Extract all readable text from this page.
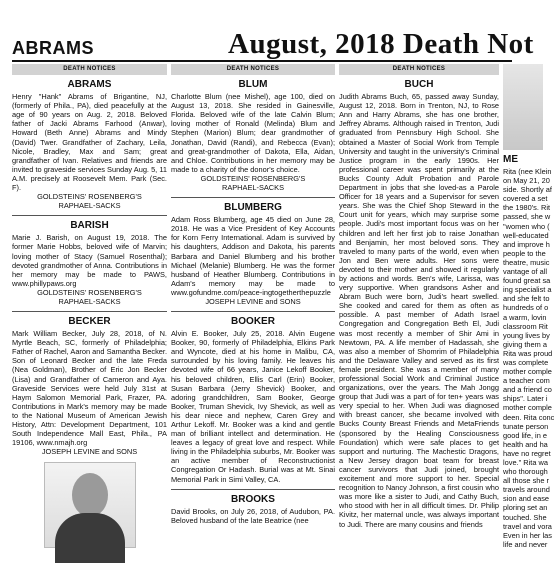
ABRAMS	August, 2018 Death Not
DEATH NOTICES
ABRAMS

Henry "Hank" Abrams of Brigantine, NJ, (formerly of Phila., PA), died peacefully at the age of 90 years on Aug. 2, 2018. Beloved father of Jacki Abrams Farhood (Anwar), Howard (Beth Anne) Abrams and Mindy (David) Twer. Grandfather of Zachary, Leila, Nicole, Bradley, Max and Sam; great grandfather of Ivan. Relatives and friends are invited to graveside services Sunday Aug. 5, 11 A.M. precisely at Roosevelt Mem. Park (Sec. F).

GOLDSTEINS' ROSENBERG'S

RAPHAEL-SACKS

BARISH

Marie J. Barish, on August 19, 2018. The former Marie Hobbs, beloved wife of Marvin; loving mother of Stacy (Samuel Rosenthal); devoted grandmother of Anna. Contributions in her memory may be made to PAWS, www.phillypaws.org

GOLDSTEINS' ROSENBERG'S

RAPHAEL-SACKS

BECKER

Mark William Becker, July 28, 2018, of N. Myrtle Beach, SC, formerly of Philadelphia; Father of Rachel, Aaron and Samantha Becker. Son of Leonard Becker and the late Freda (Nea Goldman), Brother of Eric Jon Becker (Lisa) and Grandfather of Cameron and Aya. Graveside Services were held July 31st at Haym Salomon Memorial Park, Frazer, PA. Contributions in Mark's memory may be made to the National Museum of American Jewish History, Attn: Development Department, 101 South Independence Mall East, Phila., PA 19106, www.nmajh.org

JOSEPH LEVINE and SONS

DEATH NOTICES
BLUM

Charlotte Blum (nee Mishel), age 100, died on August 13, 2018. She resided in Gainesville, Florida. Beloved wife of the late Calvin Blum; loving mother of Ronald (Melinda) Blum and Stephen (Marion) Blum; dear grandmother of Jonathan, David (Randi), and Rebecca (Evan); and great-grandmother of Dakota, Ella, Aidan, and Chloe. Contributions in her memory may be made to a charity of the donor's choice.

GOLDSTEINS' ROSENBERG'S

RAPHAEL-SACKS

BLUMBERG

Adam Ross Blumberg, age 45 died on June 28, 2018. He was a Vice President of Key Accounts for Korn Ferry International. Adam is survived by his daughters, Addison and Dakota, his parents Barbara and Daniel Blumberg and his brother Michael (Melanie) Blumberg. He was the former husband of Heather Blumberg. Contributions in Adam's memory may be made to www.gofundme.com/peace-ingtogetherthepuzzle

JOSEPH LEVINE and SONS

BOOKER

Alvin E. Booker, July 25, 2018. Alvin Eugene Booker, 90, formerly of Philadelphia, Elkins Park and Wyncote, died at his home in Malibu, CA, surrounded by his loving family. He leaves his devoted wife of 66 years, Janice Lekoff Booker, his beloved children, Ellis Carl (Erin) Booker, Susan Barbara (Jerry Shevick) Booker, and adoring grandchildren, Sam Booker, George Booker, Truman Shevick, Ivy Shevick, as well as his dear niece and nephew, Caren Grey and Arthur Lekoff. Mr. Booker was a kind and gentle man of brilliant intellect and determination. He leaves a legacy of great love and respect. While living in the Philadelphia suburbs, Mr. Booker was an active member of Reconstructionist Congregation Or Hadash. Burial was at Mt. Sinai Memorial Park in Simi Valley, CA.

BROOKS

David Brooks, on July 26, 2018, of Audubon, PA. Beloved husband of the late Beatrice (nee

DEATH NOTICES
BUCH

Judith Abrams Buch, 65, passed away Sunday, August 12, 2018. Born in Trenton, NJ, to Rose Ann and Harry Abrams, she has one brother, Jeffrey Abrams. Although raised in Trenton, Judi graduated from Pennsbury High School. She obtained a Master of Social Work from Temple University and taught in the university's Criminal Justice program in the early 1990s. Her professional career was spent primarily at the Bucks County Adult Probation and Parole Department in jobs that she loved-as a Parole Officer for 18 years and a Supervisor for seven years. She was the Chief Shop Steward in the Court unit for years, which may surprise some people. Judi's most important focus was on her children and left her first job to raise Jonathan and Benjamin, her most beloved sons. They traveled to many parts of the world, even when Jon and Ben were adults. Her sons were devoted to their mother and showed it regularly by actions and words. Ben's wife, Larissa, was very supportive. When grandsons Asher and Abram Buch were born, Judi's heart swelled. She cooked and cared for them as often as possible. A past member of Adath Israel Congregation and Congregation Beth El, Judi was most recently a member of Shir Ami in Newtown, PA. A life member of Hadassah, she was also a member of Shomrim of Philadelphia and the Delaware Valley and served as its first female president. She was a member of many professional Social Work and Criminal Justice organizations, over the years. The Mah Jongg group that Judi was a part of for ten+ years was very special to her. When Judi was diagnosed with breast cancer, she became involved with Bucks County Breast Friends and MetaFriends (sponsored by the Healing Consciousness Foundation) which were safe places to get support and nurturing. The Machestic Dragons, a New Jersey dragon boat team for breast cancer survivors that Judi joined, brought excitement and more support to her. Special recognition to Nancy Johnson, a first cousin who was more like a sister to Judi, and Cathy Buch, who stood with her in all difficult times. Dr. Philip Kivitz, her maternal uncle, was always important to Judi. There are many cousins and friends

ME

Rita (nee Klein

on May 21, 20

side. Shortly af

covered a set

the 1980's. Rit

passed, she w

"women who (

well-educated

and improve h

people to the

theatre, music

vantage of all

found great sa

ing specialist a

and she felt to

hundreds of o

a warm, lovin

classroom Rit

young lives by

giving them a

Rita was proud

was complete

mother comple

a teacher com

and a friend co

ships". Later i

mother comple

deen. Rita conc

tunate person

good life, in e

health and ha

have no regret

love." Rita wa

who thorough

all those she r

travels around

sion and ease

ploring set an

touched. She

travel and vora

Even in her las

life and never
